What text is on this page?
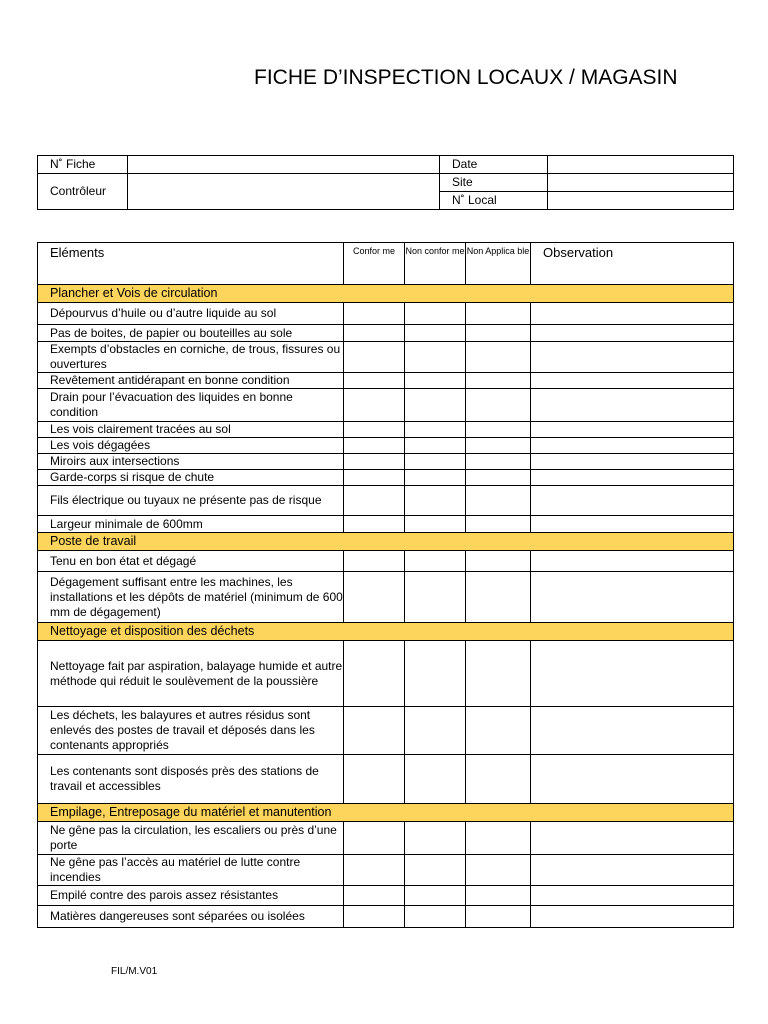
FICHE D’INSPECTION LOCAUX / MAGASIN
N˚ Fiche		Date	
Contrôleur		Site	
		N˚ Local	
Eléments	Confor me	Non confor me	Non Applica ble	Observation
Plancher et Vois de circulation				
Dépourvus d’huile ou d’autre liquide au sol				
Pas de boites, de papier ou bouteilles au sole				
Exempts d’obstacles en corniche, de trous, fissures ou ouvertures				
Revêtement antidérapant en bonne condition				
Drain pour l’évacuation des liquides en bonne condition				
Les vois clairement tracées au sol				
Les vois dégagées				
Miroirs aux intersections				
Garde-corps si risque de chute				
Fils électrique ou tuyaux ne présente pas de risque				
Largeur minimale de 600mm				
Poste de travail				
Tenu en bon état et dégagé				
Dégagement suffisant entre les machines, les installations et les dépôts de matériel (minimum de 600 mm de dégagement)				
Nettoyage et disposition des déchets				
Nettoyage fait par aspiration, balayage humide et autre méthode qui réduit le soulèvement de la poussière				
Les déchets, les balayures et autres résidus sont enlevés des postes de travail et déposés dans les contenants appropriés				
Les contenants sont disposés près des stations de travail et accessibles				
Empilage, Entreposage du matériel et manutention				
Ne gêne pas la circulation, les escaliers ou près d’une porte				
Ne gêne pas l’accès au matériel de lutte contre incendies				
Empilé contre des parois assez résistantes				
Matières dangereuses sont séparées ou isolées				
FIL/M.V01
